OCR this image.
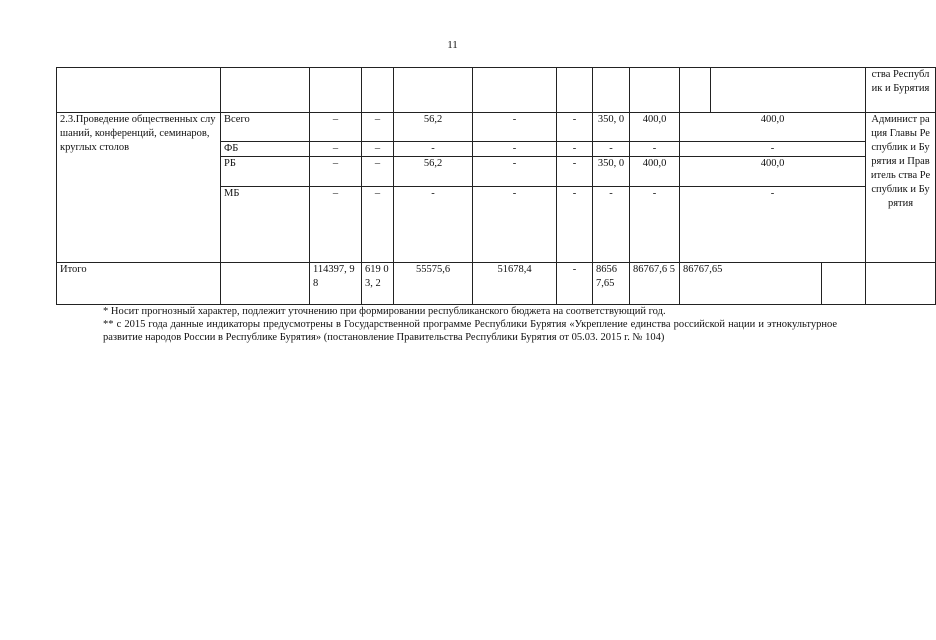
11
												ства Республик и Бурятия
2.3.Проведение общественных слушаний, конференций, семинаров, круглых столов	Всего	–	–	56,2	-	-	350, 0	400,0	400,0			Админист рация Главы Республик и Бурятия и Правитель ства Республик и Бурятия
	ФБ	–	–	-	-	-	-	-	-			
	РБ	–	–	56,2	-	-	350, 0	400,0	400,0			
	МБ	–	–	-	-	-	-	-	-			
Итого		114397, 98	619 03, 2	55575,6	51678,4	-	8656 7,65	86767,6 5	86767,65			

* Носит прогнозный характер, подлежит уточнению при формировании республиканского бюджета на соответствующий год.

** с 2015 года данные индикаторы предусмотрены в Государственной программе Республики Бурятия «Укрепление единства российской нации и этнокультурное развитие народов России в Республике Бурятия» (постановление Правительства Республики Бурятия от 05.03. 2015 г. № 104)
